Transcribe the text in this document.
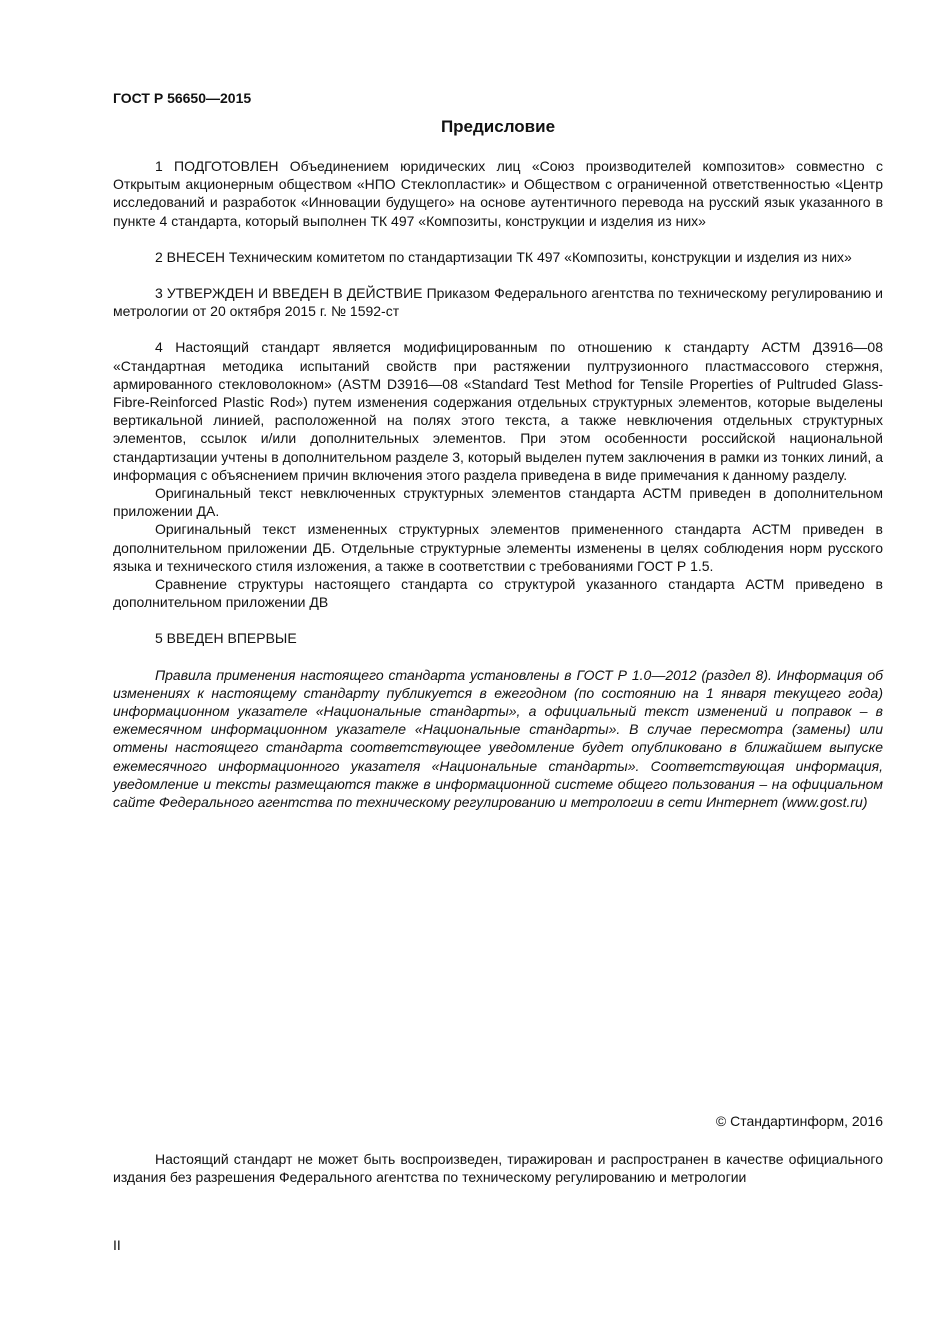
ГОСТ Р 56650—2015
Предисловие

1 ПОДГОТОВЛЕН Объединением юридических лиц «Союз производителей композитов» совместно с Открытым акционерным обществом «НПО Стеклопластик» и Обществом с ограниченной ответственностью «Центр исследований и разработок «Инновации будущего» на основе аутентичного перевода на русский язык указанного в пункте 4 стандарта, который выполнен ТК 497 «Композиты, конструкции и изделия из них»

2 ВНЕСЕН Техническим комитетом по стандартизации ТК 497 «Композиты, конструкции и изделия из них»

3 УТВЕРЖДЕН И ВВЕДЕН В ДЕЙСТВИЕ Приказом Федерального агентства по техническому регулированию и метрологии от 20 октября 2015 г. № 1592-ст

4 Настоящий стандарт является модифицированным по отношению к стандарту АСТМ Д3916—08 «Стандартная методика испытаний свойств при растяжении пултрузионного пластмассового стержня, армированного стекловолокном» (ASTM D3916—08 «Standard Test Method for Tensile Properties of Pultruded Glass-Fibre-Reinforced Plastic Rod») путем изменения содержания отдельных структурных элементов, которые выделены вертикальной линией, расположенной на полях этого текста, а также невключения отдельных структурных элементов, ссылок и/или дополнительных элементов. При этом особенности российской национальной стандартизации учтены в дополнительном разделе 3, который выделен путем заключения в рамки из тонких линий, а информация с объяснением причин включения этого раздела приведена в виде примечания к данному разделу.

Оригинальный текст невключенных структурных элементов стандарта АСТМ приведен в дополнительном приложении ДА.

Оригинальный текст измененных структурных элементов примененного стандарта АСТМ приведен в дополнительном приложении ДБ. Отдельные структурные элементы изменены в целях соблюдения норм русского языка и технического стиля изложения, а также в соответствии с требованиями ГОСТ Р 1.5.

Сравнение структуры настоящего стандарта со структурой указанного стандарта АСТМ приведено в дополнительном приложении ДВ

5 ВВЕДЕН ВПЕРВЫЕ

Правила применения настоящего стандарта установлены в ГОСТ Р 1.0—2012 (раздел 8). Информация об изменениях к настоящему стандарту публикуется в ежегодном (по состоянию на 1 января текущего года) информационном указателе «Национальные стандарты», а официальный текст изменений и поправок – в ежемесячном информационном указателе «Национальные стандарты». В случае пересмотра (замены) или отмены настоящего стандарта соответствующее уведомление будет опубликовано в ближайшем выпуске ежемесячного информационного указателя «Национальные стандарты». Соответствующая информация, уведомление и тексты размещаются также в информационной системе общего пользования – на официальном сайте Федерального агентства по техническому регулированию и метрологии в сети Интернет (www.gost.ru)

© Стандартинформ, 2016

Настоящий стандарт не может быть воспроизведен, тиражирован и распространен в качестве официального издания без разрешения Федерального агентства по техническому регулированию и метрологии

II
